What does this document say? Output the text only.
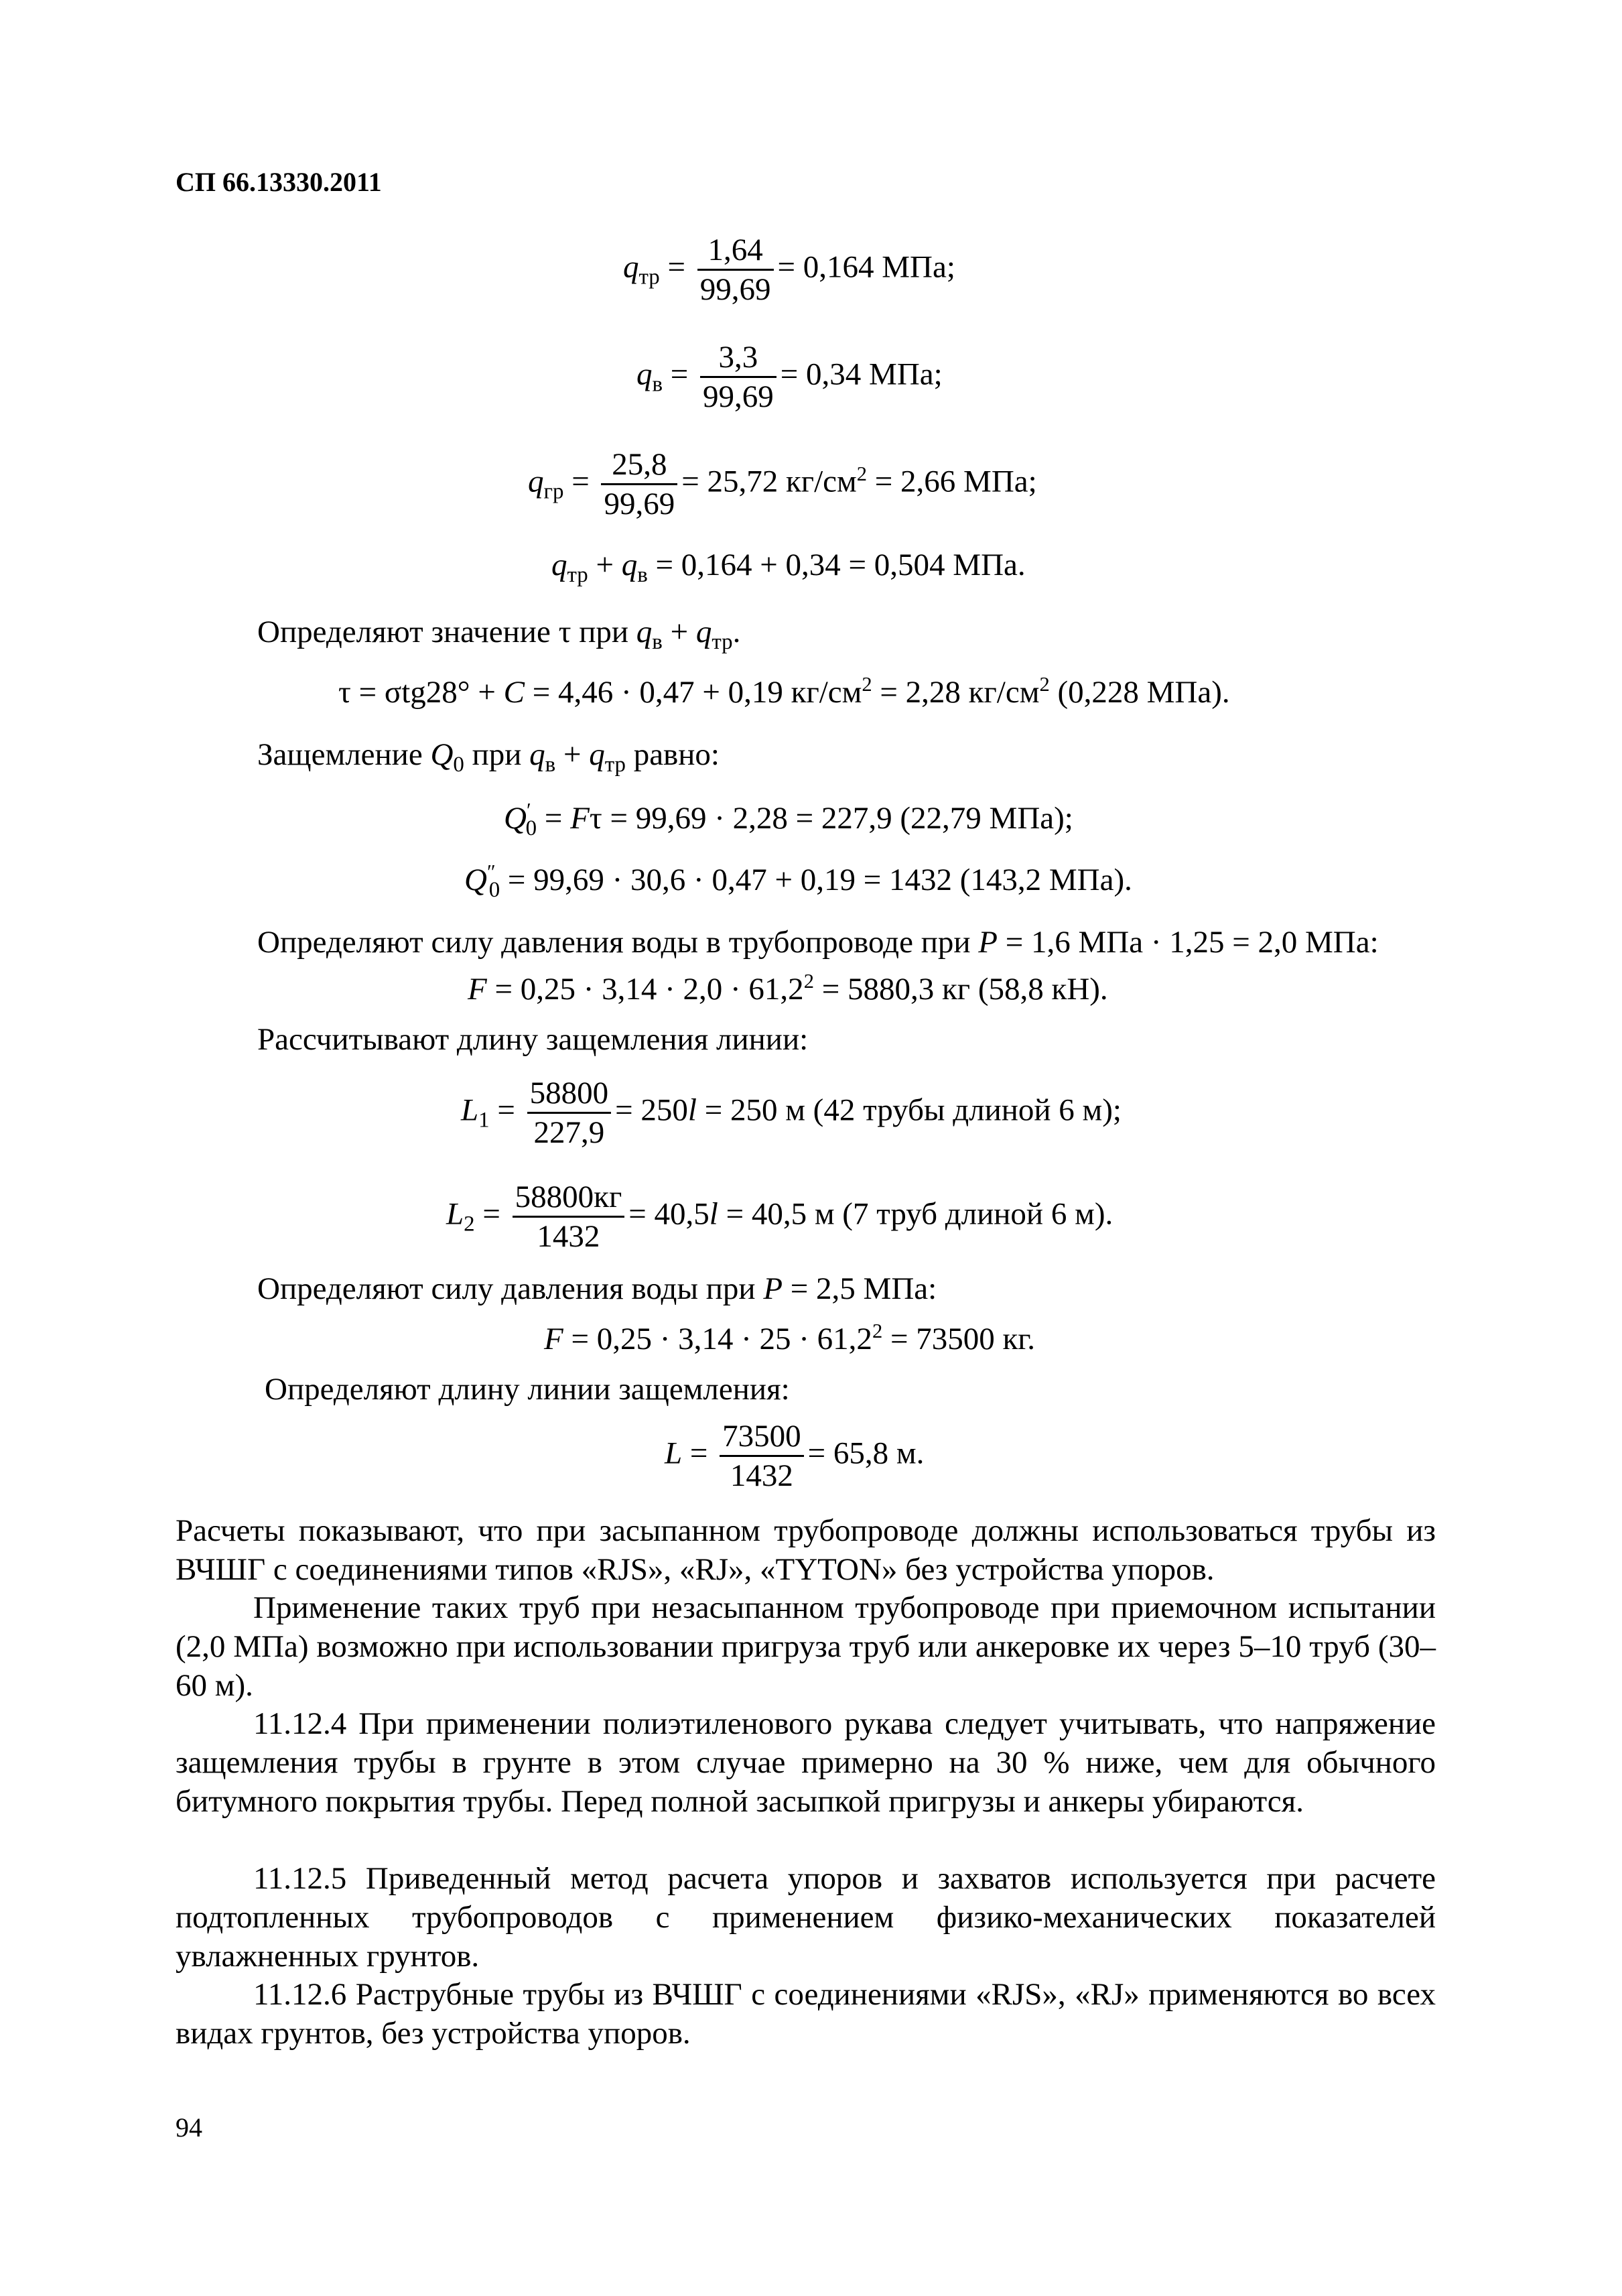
СП 66.13330.2011
$q_{тр} = \frac{1,64}{99,69} = 0,164$ МПа;
$q_в = \frac{3,3}{99,69} = 0,34$ МПа;
$q_{гр} = \frac{25,8}{99,69} = 25,72$ $кг/см^2 = 2,66$ МПа;
$q_{тр} + q_в = 0,164 + 0,34 = 0,504$ МПа.
Определяют значение τ при $q_в + q_{тр}$.
τ = σtg28° + C = 4,46 · 0,47 + 0,19 $кг/см^2 = 2,28$ $кг/см^2$ (0,228 МПа).
Защемление $Q_0$ при $q_в + q_{тр}$ равно:
$Q'_0 = F\tau = 99,69 \cdot 2,28 = 227,9$ (22,79 МПа);
$Q''_0 = 99,69 \cdot 30,6 \cdot 0,47 + 0,19 = 1432$ (143,2 МПа).
Определяют силу давления воды в трубопроводе при P = 1,6 МПа · 1,25 = 2,0 МПа:
$F = 0,25 \cdot 3,14 \cdot 2,0 \cdot 61,2^2 = 5880,3$ кг (58,8 кН).
Рассчитывают длину защемления линии:
$L_1 = \frac{58800}{227,9} = 250l = 250$ м (42 трубы длиной 6 м);
$L_2 = \frac{58800кг}{1432} = 40,5l = 40,5$ м (7 труб длиной 6 м).
Определяют силу давления воды при P = 2,5 МПа:
$F = 0,25 \cdot 3,14 \cdot 25 \cdot 61,2^2 = 73500$ кг.
Определяют длину линии защемления:
$L = \frac{73500}{1432} = 65,8$ м.

Расчеты показывают, что при засыпанном трубопроводе должны использоваться трубы из ВЧШГ с соединениями типов «RJS», «RJ», «TYTON» без устройства упоров.

Применение таких труб при незасыпанном трубопроводе при приемочном испытании (2,0 МПа) возможно при использовании пригруза труб или анкеровке их через 5–10 труб (30–60 м).

11.12.4 При применении полиэтиленового рукава следует учитывать, что напряжение защемления трубы в грунте в этом случае примерно на 30 % ниже, чем для обычного битумного покрытия трубы. Перед полной засыпкой пригрузы и анкеры убираются.

11.12.5 Приведенный метод расчета упоров и захватов используется при расчете подтопленных трубопроводов с применением физико-механических показателей увлажненных грунтов.

11.12.6 Раструбные трубы из ВЧШГ с соединениями «RJS», «RJ» применяются во всех видах грунтов, без устройства упоров.

94
